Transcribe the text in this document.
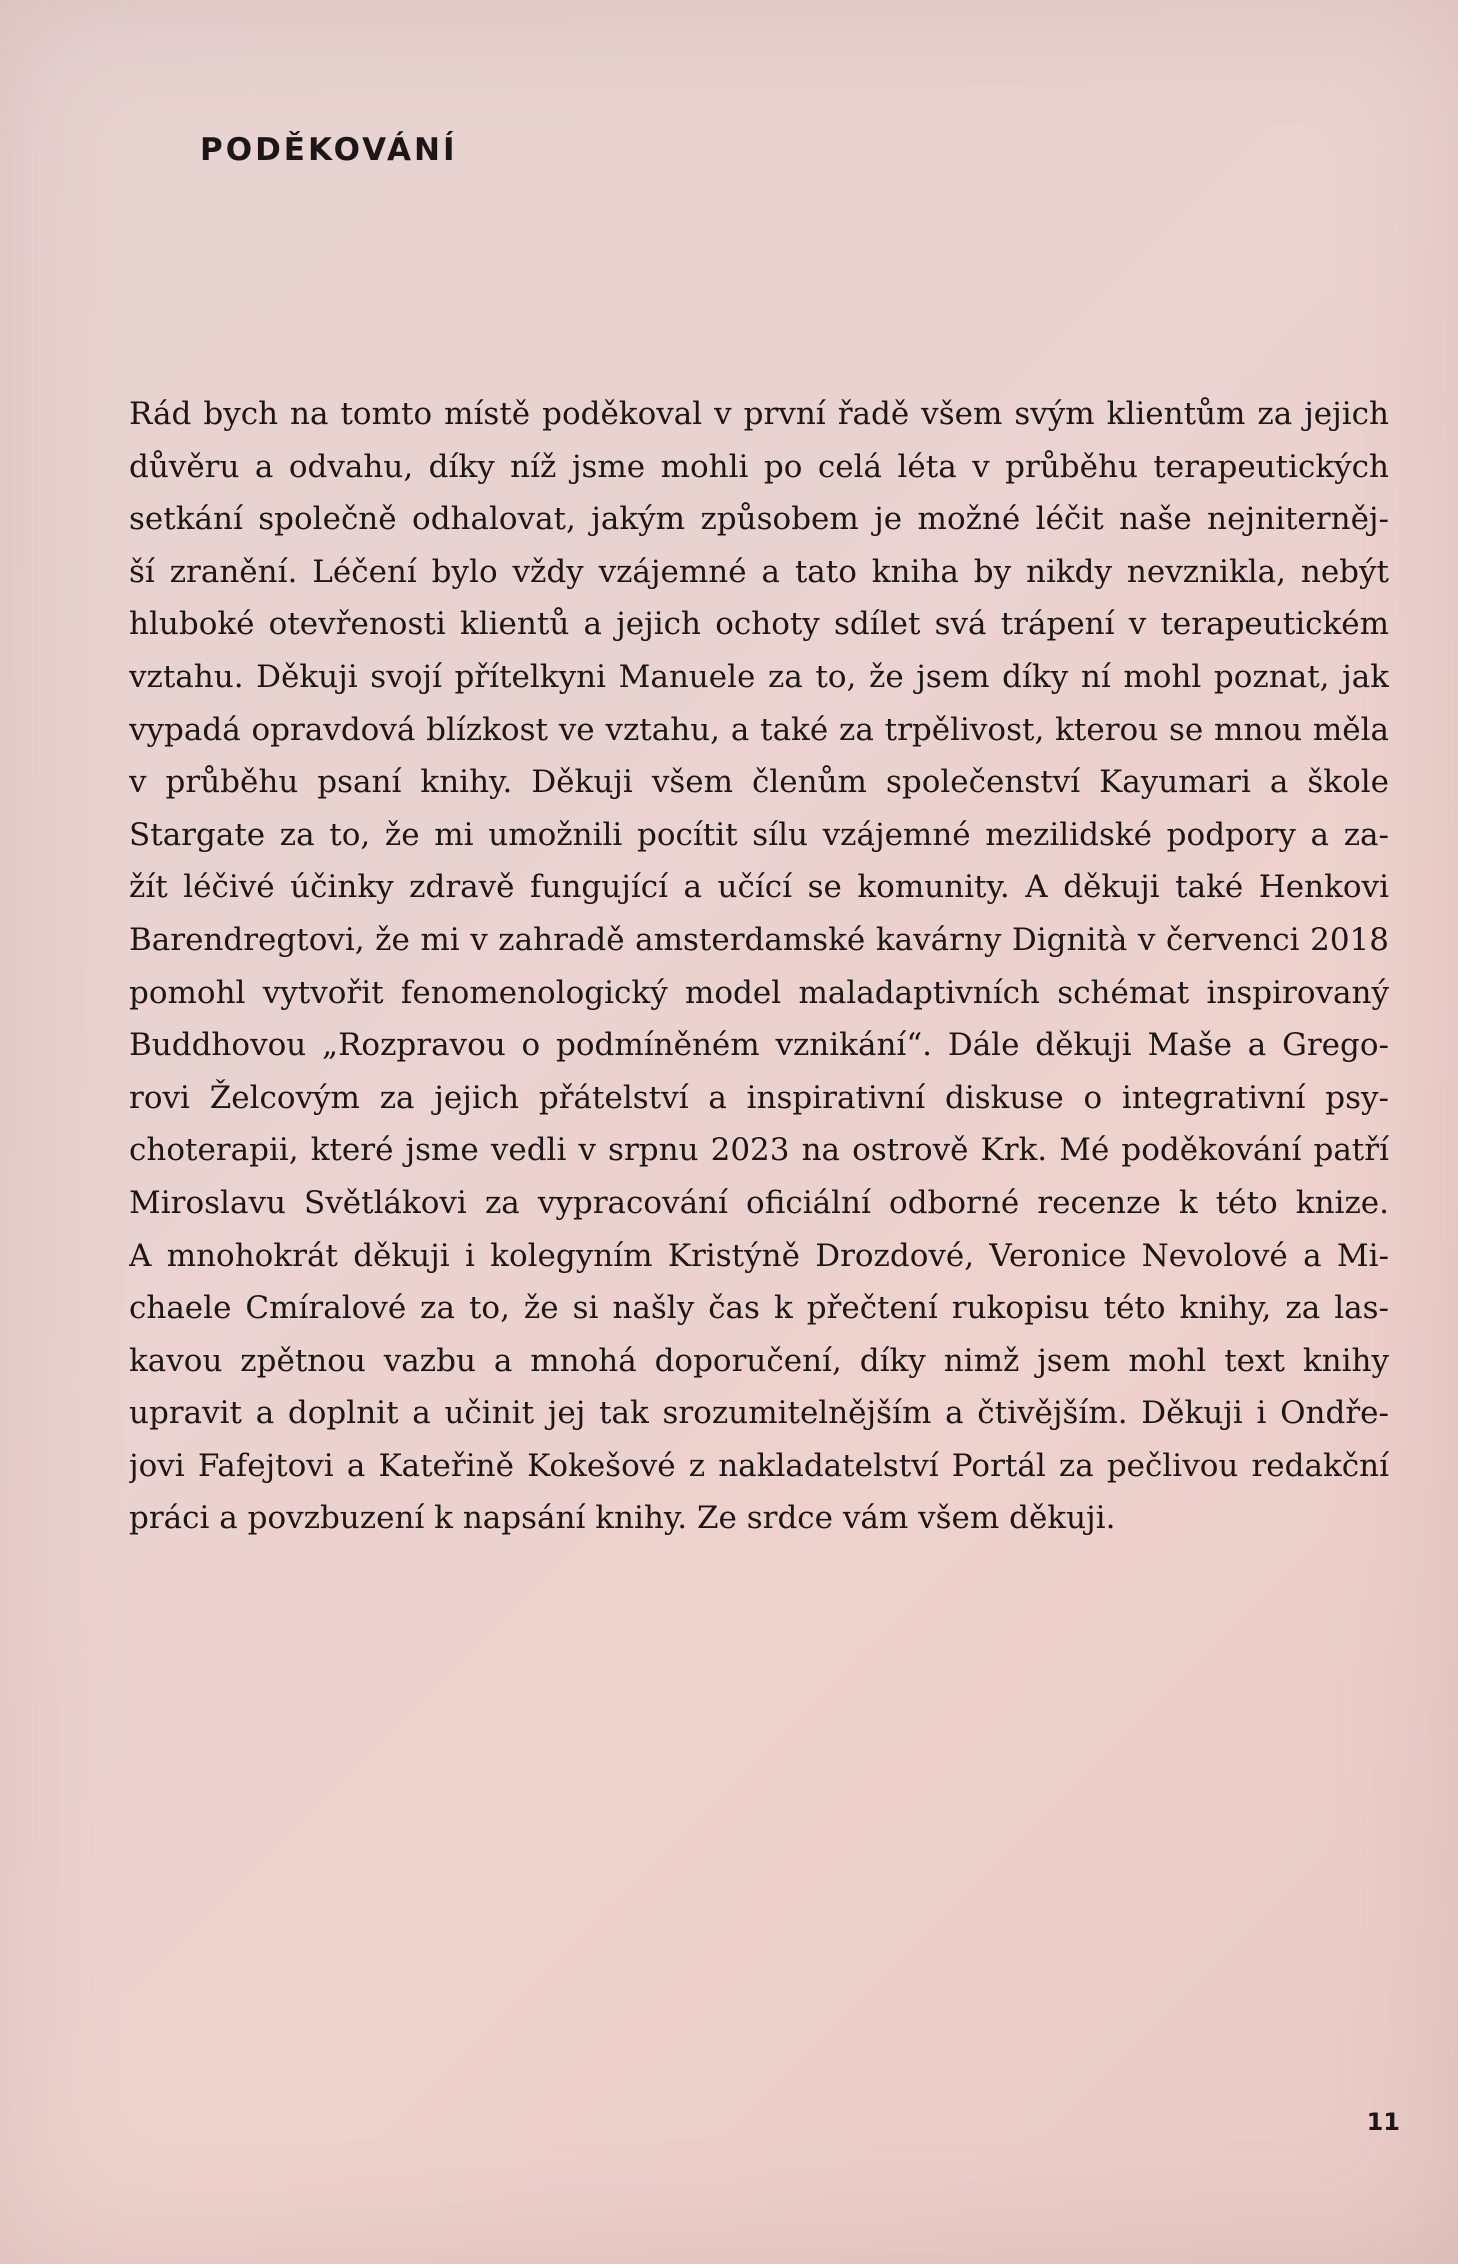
PODĚKOVÁNÍ
Rád bych na tomto místě poděkoval v první řadě všem svým klientům za jejich
důvěru a odvahu, díky níž jsme mohli po celá léta v průběhu terapeutických
setkání společně odhalovat, jakým způsobem je možné léčit naše nejniterněj-
ší zranění. Léčení bylo vždy vzájemné a tato kniha by nikdy nevznikla, nebýt
hluboké otevřenosti klientů a jejich ochoty sdílet svá trápení v terapeutickém
vztahu. Děkuji svojí přítelkyni Manuele za to, že jsem díky ní mohl poznat, jak
vypadá opravdová blízkost ve vztahu, a také za trpělivost, kterou se mnou měla
v průběhu psaní knihy. Děkuji všem členům společenství Kayumari a škole
Stargate za to, že mi umožnili pocítit sílu vzájemné mezilidské podpory a za-
žít léčivé účinky zdravě fungující a učící se komunity. A děkuji také Henkovi
Barendregtovi, že mi v zahradě amsterdamské kavárny Dignità v červenci 2018
pomohl vytvořit fenomenologický model maladaptivních schémat inspirovaný
Buddhovou „Rozpravou o podmíněném vznikání“. Dále děkuji Maše a Grego-
rovi Želcovým za jejich přátelství a inspirativní diskuse o integrativní psy-
choterapii, které jsme vedli v srpnu 2023 na ostrově Krk. Mé poděkování patří
Miroslavu Světlákovi za vypracování oficiální odborné recenze k této knize.
A mnohokrát děkuji i kolegyním Kristýně Drozdové, Veronice Nevolové a Mi-
chaele Cmíralové za to, že si našly čas k přečtení rukopisu této knihy, za las-
kavou zpětnou vazbu a mnohá doporučení, díky nimž jsem mohl text knihy
upravit a doplnit a učinit jej tak srozumitelnějším a čtivějším. Děkuji i Ondře-
jovi Fafejtovi a Kateřině Kokešové z nakladatelství Portál za pečlivou redakční
práci a povzbuzení k napsání knihy. Ze srdce vám všem děkuji.
11
